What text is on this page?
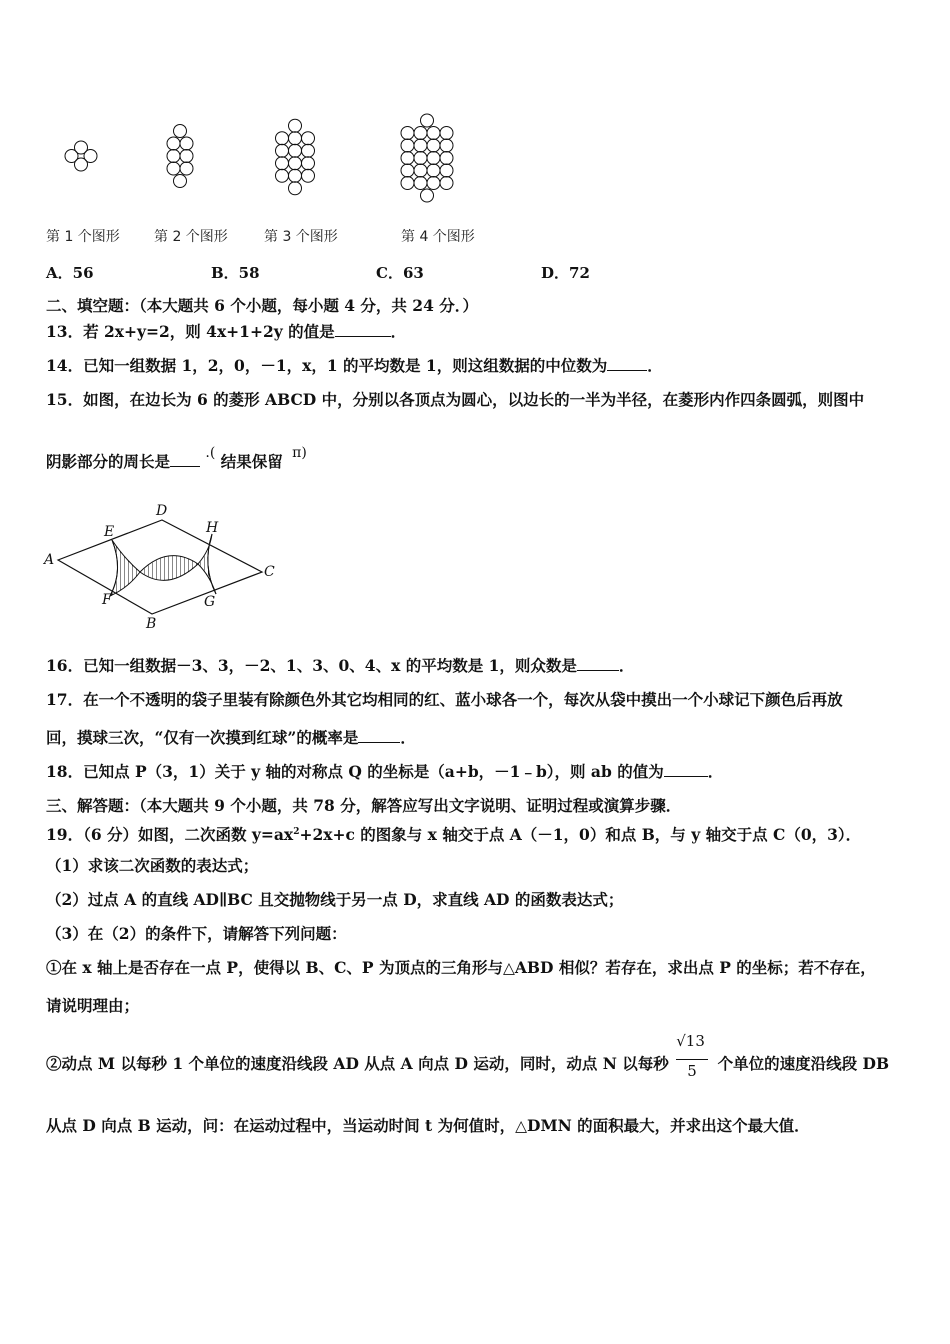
第 1 个图形 第 2 个图形	第 3 个图形	第 4 个图形
A．56	B．58	C．63	D．72
二、填空题：（本大题共 6 个小题，每小题 4 分，共 24 分．）
13．若 2x+y=2，则 4x+1+2y 的值是	．
14．已知一组数据 1，2，0，－1，x，1 的平均数是 1，则这组数据的中位数为	．
15．如图，在边长为 6 的菱形 ABCD 中，分别以各顶点为圆心，以边长的一半为半径，在菱形内作四条圆弧，则图中
阴影部分的周长是	.( 结果保留 π)
A
D
C
B
E
F
H
G
16．已知一组数据－3、3，－2、1、3、0、4、x 的平均数是 1，则众数是	．
17．在一个不透明的袋子里装有除颜色外其它均相同的红、蓝小球各一个，每次从袋中摸出一个小球记下颜色后再放
回，摸球三次，“仅有一次摸到红球”的概率是	．
18．已知点 P（3，1）关于 y 轴的对称点 Q 的坐标是（a+b，－1﹣b），则 ab 的值为	．
三、解答题：（本大题共 9 个小题，共 78 分，解答应写出文字说明、证明过程或演算步骤．
19．（6 分）如图，二次函数 $y=ax^2+2x+c$ 的图象与 x 轴交于点 A（－1，0）和点 B，与 y 轴交于点 C（0，3）．
（1）求该二次函数的表达式；
（2）过点 A 的直线 AD∥BC 且交抛物线于另一点 D，求直线 AD 的函数表达式；
（3）在（2）的条件下，请解答下列问题：
①在 x 轴上是否存在一点 P，使得以 B、C、P 为顶点的三角形与△ABD 相似？若存在，求出点 P 的坐标；若不存在，
请说明理由；
②动点 M 以每秒 1 个单位的速度沿线段 AD 从点 A 向点 D 运动，同时，动点 N 以每秒 $\frac{√13}{5}$ 个单位的速度沿线段 DB
从点 D 向点 B 运动，问：在运动过程中，当运动时间 t 为何值时，△DMN 的面积最大，并求出这个最大值．
